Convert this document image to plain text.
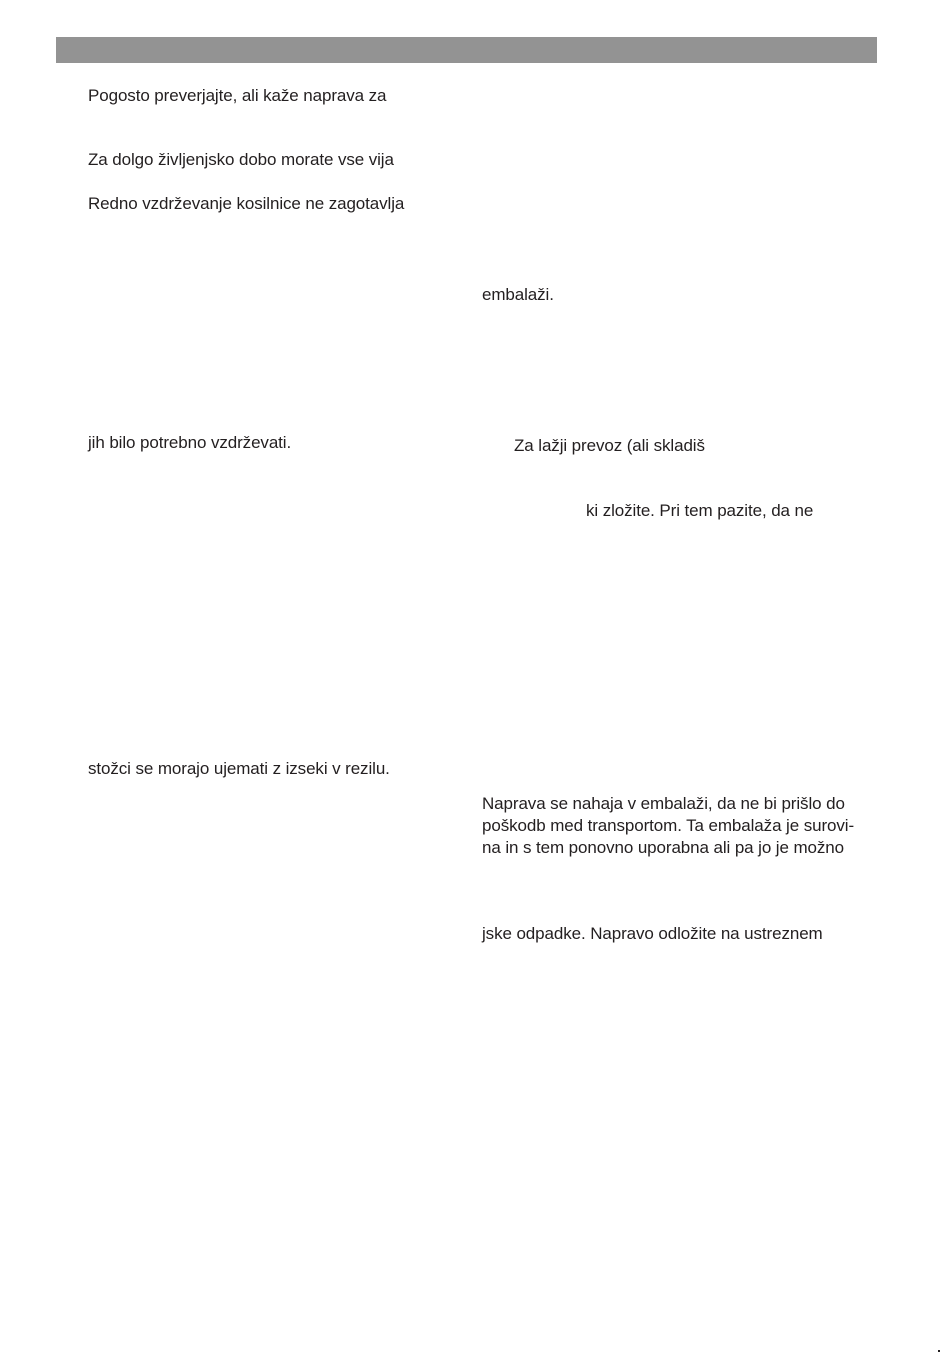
Pogosto preverjajte, ali kaže naprava za
Za dolgo življenjsko dobo morate vse vija
Redno vzdrževanje kosilnice ne zagotavlja
jih bilo potrebno vzdrževati.
stožci se morajo ujemati z izseki v rezilu.
embalaži.
Za lažji prevoz (ali skladiš
ki zložite. Pri tem pazite, da ne
Naprava se nahaja v embalaži, da ne bi prišlo do
poškodb med transportom. Ta embalaža je surovi-
na in s tem ponovno uporabna ali pa jo je možno
jske odpadke. Napravo odložite na ustreznem
